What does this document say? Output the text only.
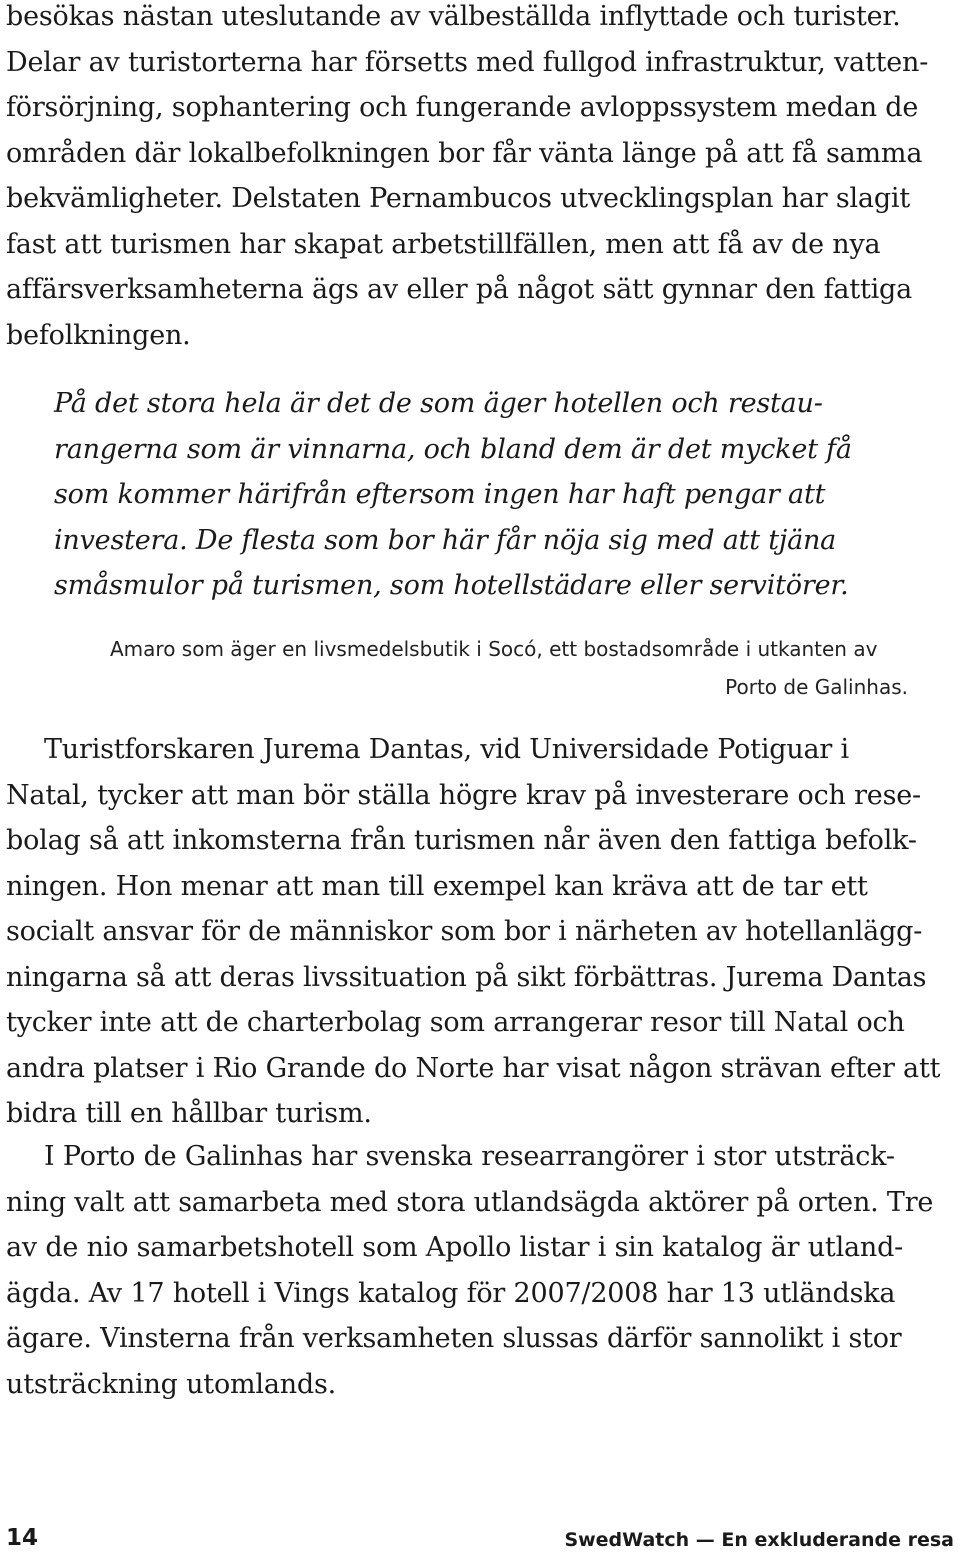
besökas nästan uteslutande av välbeställda inflyttade och turister.
Delar av turistorterna har försetts med fullgod infrastruktur, vatten-
försörjning, sophantering och fungerande avloppssystem medan de
områden där lokalbefolkningen bor får vänta länge på att få samma
bekvämligheter. Delstaten Pernambucos utvecklingsplan har slagit
fast att turismen har skapat arbetstillfällen, men att få av de nya
affärsverksamheterna ägs av eller på något sätt gynnar den fattiga
befolkningen.
På det stora hela är det de som äger hotellen och restau-
rangerna som är vinnarna, och bland dem är det mycket få
som kommer härifrån eftersom ingen har haft pengar att
investera. De flesta som bor här får nöja sig med att tjäna
småsmulor på turismen, som hotellstädare eller servitörer.
Amaro som äger en livsmedelsbutik i Socó, ett bostadsområde i utkanten av
Porto de Galinhas.
Turistforskaren Jurema Dantas, vid Universidade Potiguar i
Natal, tycker att man bör ställa högre krav på investerare och rese-
bolag så att inkomsterna från turismen når även den fattiga befolk-
ningen. Hon menar att man till exempel kan kräva att de tar ett
socialt ansvar för de människor som bor i närheten av hotellanlägg-
ningarna så att deras livssituation på sikt förbättras. Jurema Dantas
tycker inte att de charterbolag som arrangerar resor till Natal och
andra platser i Rio Grande do Norte har visat någon strävan efter att
bidra till en hållbar turism.
I Porto de Galinhas har svenska researrangörer i stor utsträck-
ning valt att samarbeta med stora utlandsägda aktörer på orten. Tre
av de nio samarbetshotell som Apollo listar i sin katalog är utland-
ägda. Av 17 hotell i Vings katalog för 2007/2008 har 13 utländska
ägare. Vinsterna från verksamheten slussas därför sannolikt i stor
utsträckning utomlands.
14	SwedWatch — En exkluderande resa
